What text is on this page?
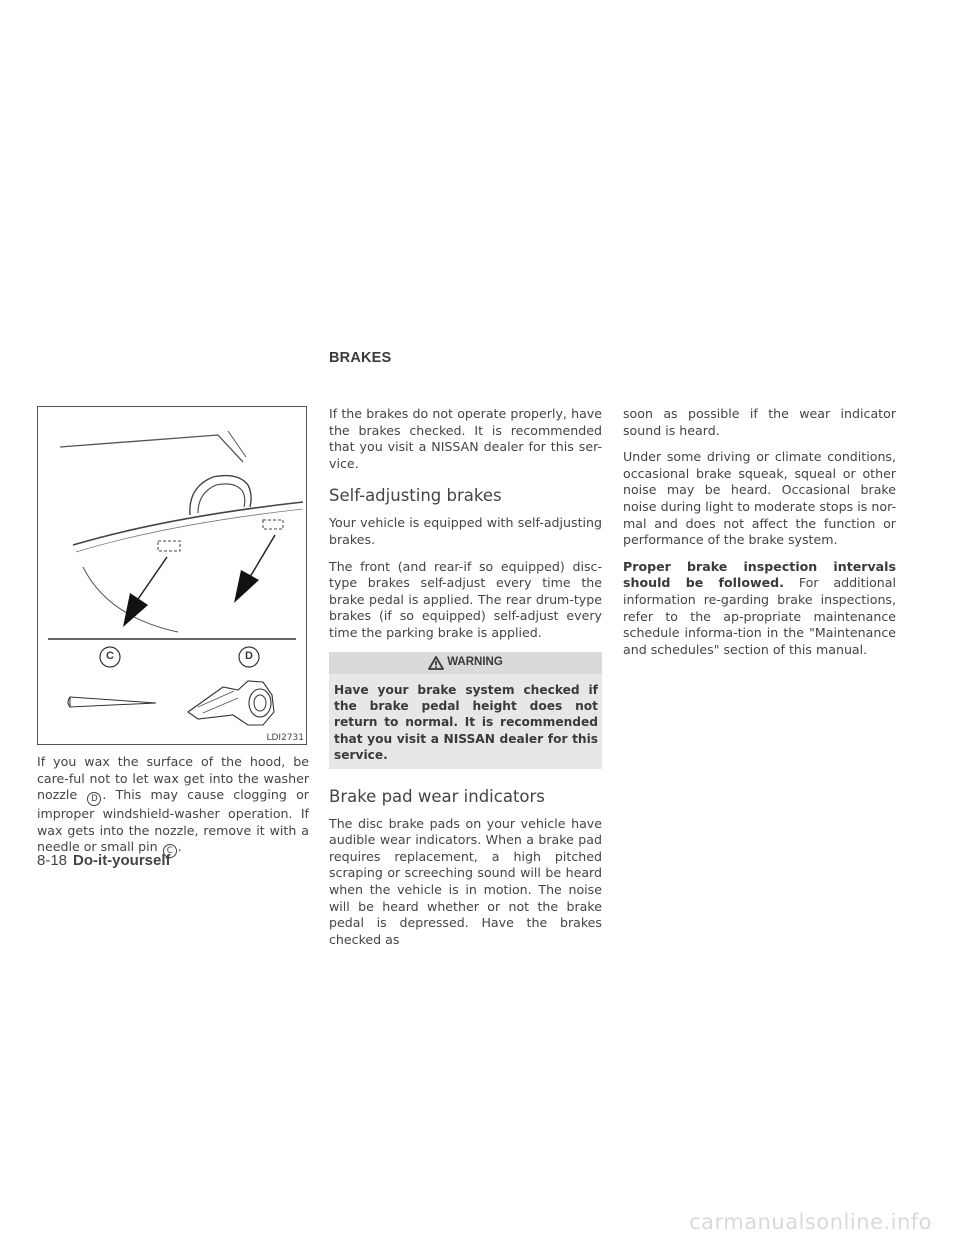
BRAKES
C	D
LDI2731

If you wax the surface of the hood, be care-ful not to let wax get into the washer nozzle D . This may cause clogging or improper windshield-washer operation. If wax gets into the nozzle, remove it with a needle or small pin C .

If the brakes do not operate properly, have the brakes checked. It is recommended that you visit a NISSAN dealer for this ser-vice.

Self-adjusting brakes

Your vehicle is equipped with self-adjusting brakes.

The front (and rear-if so equipped) disc-type brakes self-adjust every time the brake pedal is applied. The rear drum-type brakes (if so equipped) self-adjust every time the parking brake is applied.

WARNING
Have your brake system checked if the brake pedal height does not return to normal. It is recommended that you visit a NISSAN dealer for this service.
Brake pad wear indicators

The disc brake pads on your vehicle have audible wear indicators. When a brake pad requires replacement, a high pitched scraping or screeching sound will be heard when the vehicle is in motion. The noise will be heard whether or not the brake pedal is depressed. Have the brakes checked as

soon as possible if the wear indicator sound is heard.

Under some driving or climate conditions, occasional brake squeak, squeal or other noise may be heard. Occasional brake noise during light to moderate stops is nor-mal and does not affect the function or performance of the brake system.

Proper brake inspection intervals should be followed. For additional information re-garding brake inspections, refer to the ap-propriate maintenance schedule informa-tion in the "Maintenance and schedules" section of this manual.

8-18 Do-it-yourself
carmanualsonline.info
